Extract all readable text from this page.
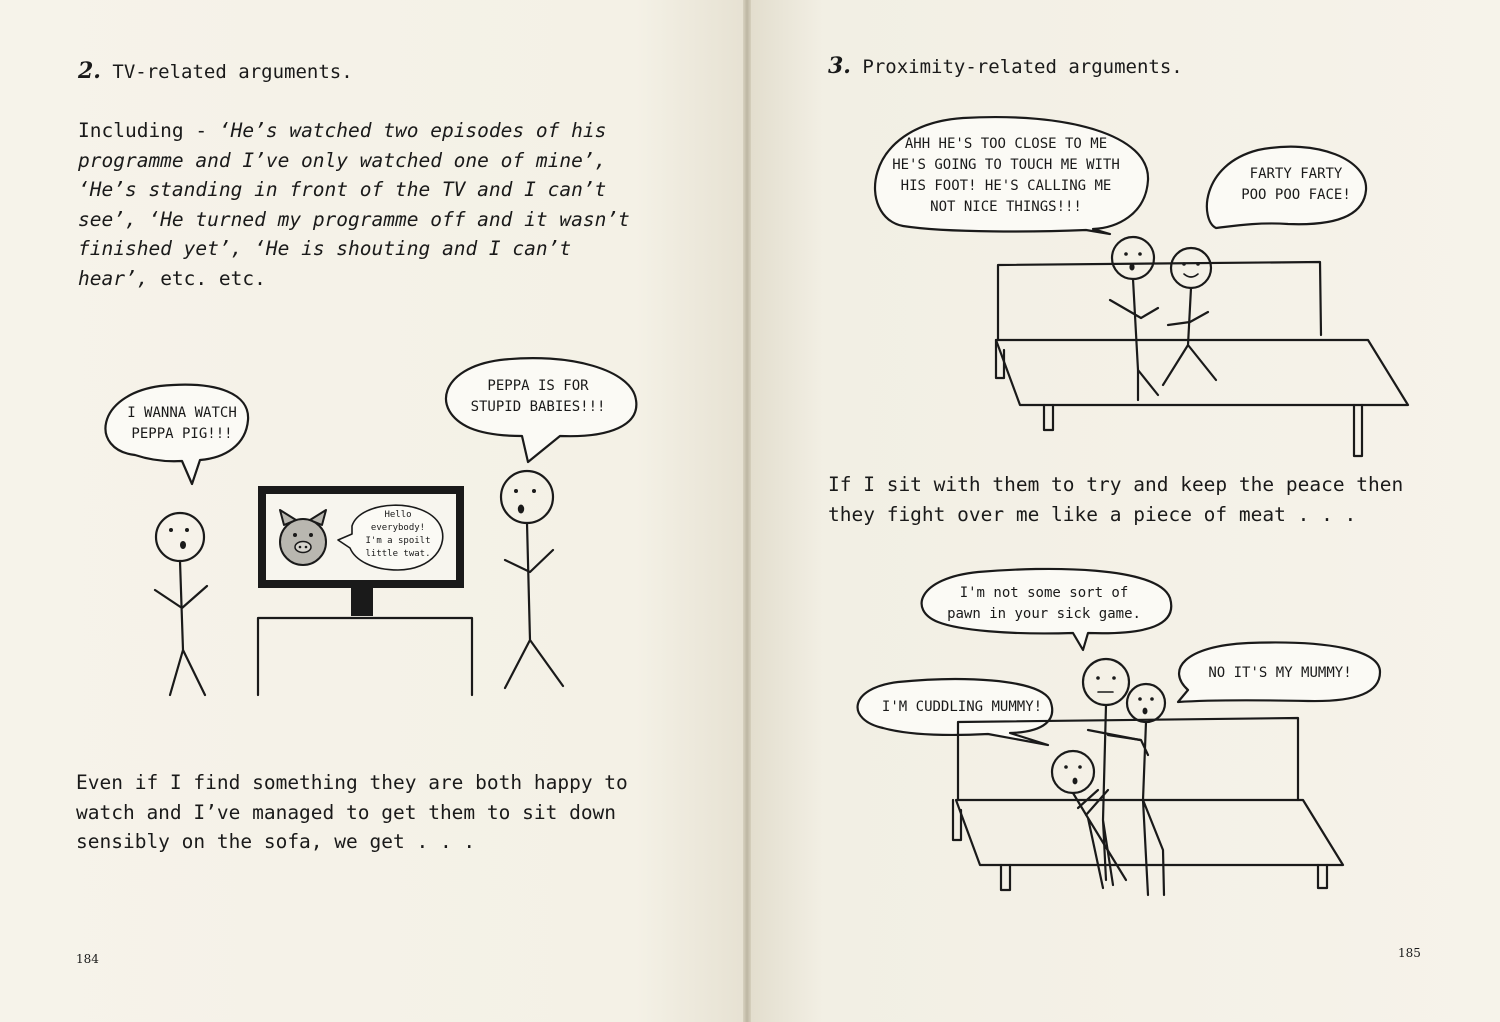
2. TV-related arguments.

Including - ‘He’s watched two episodes of his programme and I’ve only watched one of mine’, ‘He’s standing in front of the TV and I can’t see’, ‘He turned my programme off and it wasn’t finished yet’, ‘He is shouting and I can’t hear’, etc. etc.

I WANNA WATCH
PEPPA PIG!!!
Hello
everybody!
I'm a spoilt
little twat.
PEPPA IS FOR
STUPID BABIES!!!

Even if I find something they are both happy to watch and I’ve managed to get them to sit down sensibly on the sofa, we get . . .

184
3. Proximity-related arguments.
AHH HE'S TOO CLOSE TO ME
HE'S GOING TO TOUCH ME WITH
HIS FOOT! HE'S CALLING ME
NOT NICE THINGS!!!
FARTY FARTY
POO POO FACE!
I'm not some sort of
pawn in your sick game.
I'M CUDDLING MUMMY!
NO IT'S MY MUMMY!

If I sit with them to try and keep the peace then they fight over me like a piece of meat . . .

185
